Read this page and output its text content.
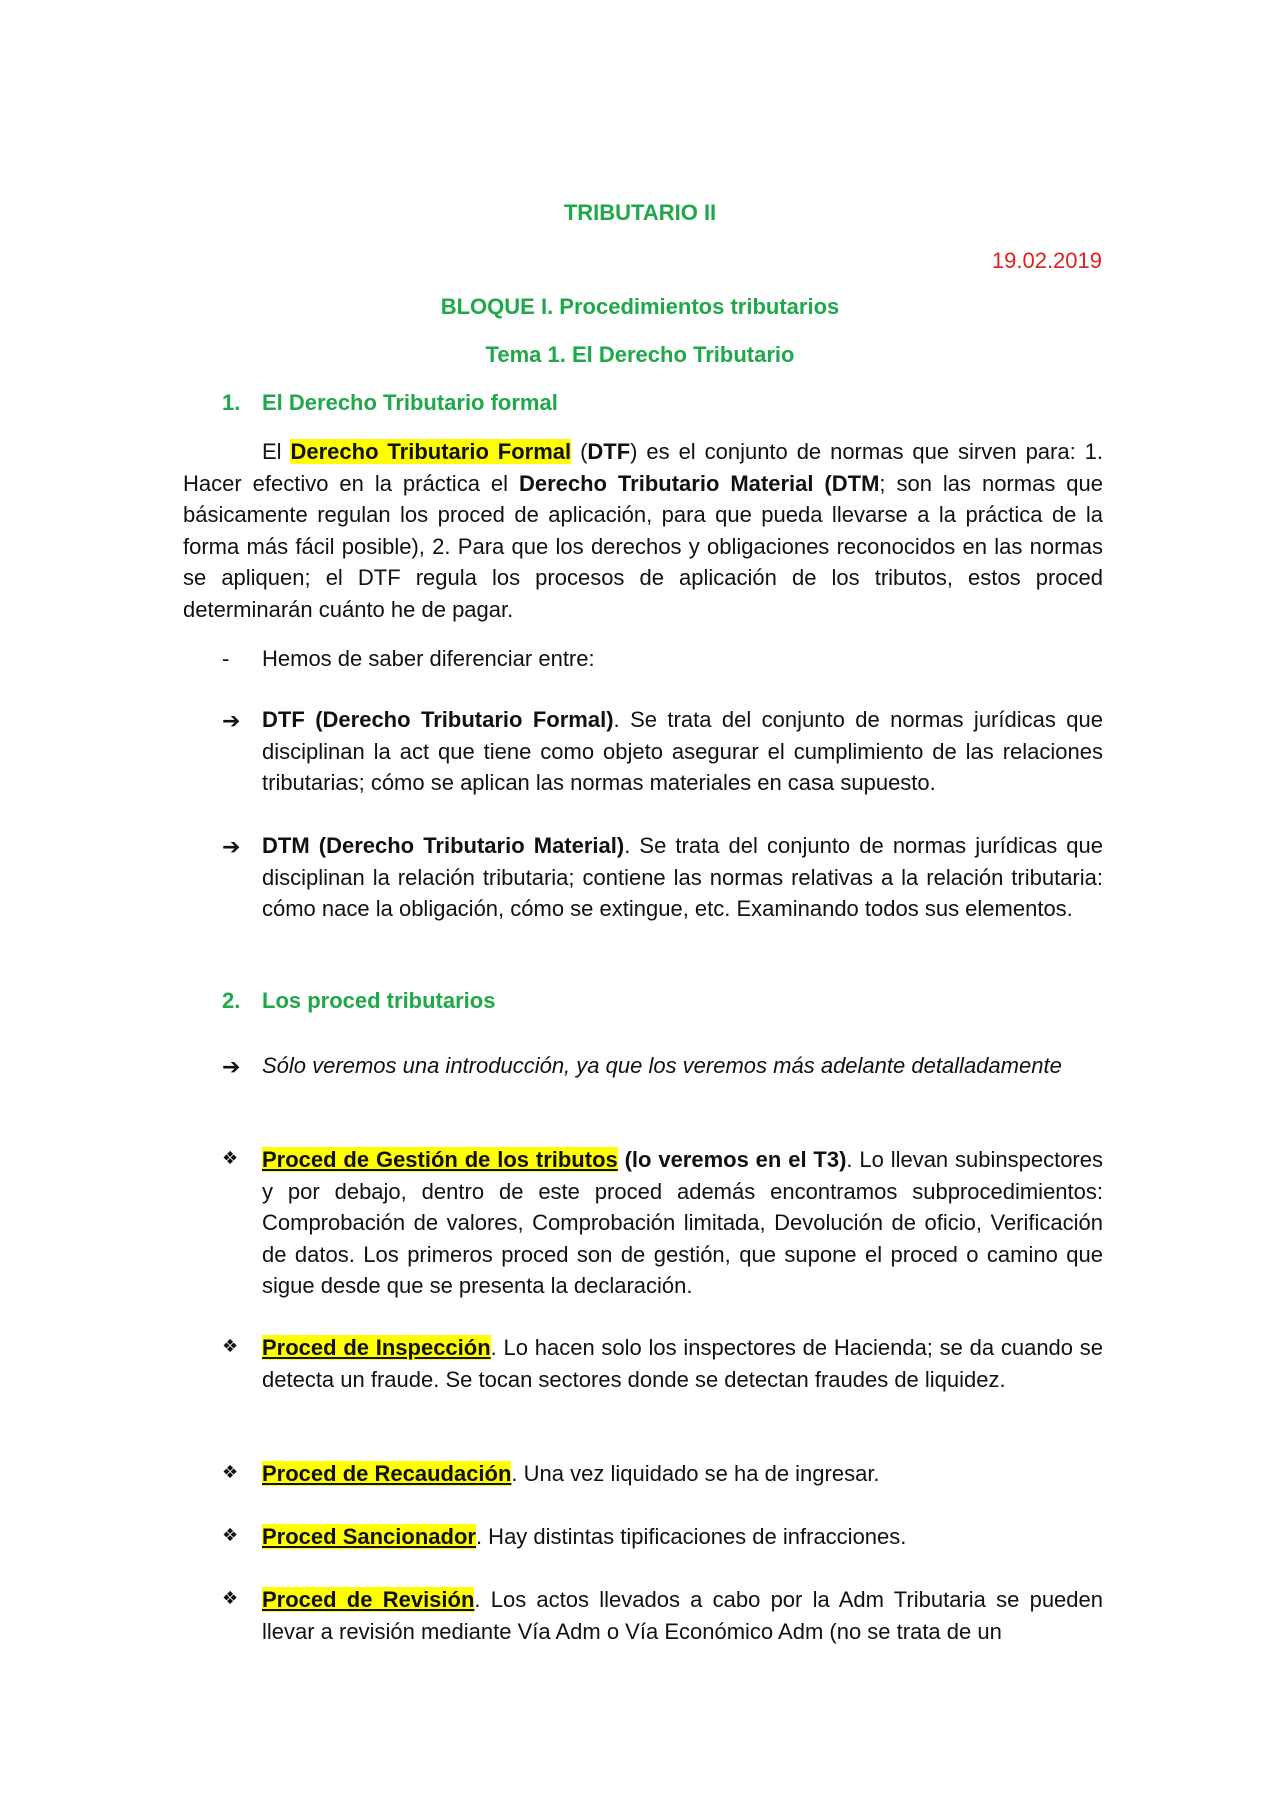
TRIBUTARIO II
19.02.2019
BLOQUE I. Procedimientos tributarios
Tema 1. El Derecho Tributario
1. El Derecho Tributario formal
El Derecho Tributario Formal (DTF) es el conjunto de normas que sirven para: 1. Hacer efectivo en la práctica el Derecho Tributario Material (DTM; son las normas que básicamente regulan los proced de aplicación, para que pueda llevarse a la práctica de la forma más fácil posible), 2. Para que los derechos y obligaciones reconocidos en las normas se apliquen; el DTF regula los procesos de aplicación de los tributos, estos proced determinarán cuánto he de pagar.
- Hemos de saber diferenciar entre:
➔ DTF (Derecho Tributario Formal). Se trata del conjunto de normas jurídicas que disciplinan la act que tiene como objeto asegurar el cumplimiento de las relaciones tributarias; cómo se aplican las normas materiales en casa supuesto.
➔ DTM (Derecho Tributario Material). Se trata del conjunto de normas jurídicas que disciplinan la relación tributaria; contiene las normas relativas a la relación tributaria: cómo nace la obligación, cómo se extingue, etc. Examinando todos sus elementos.
2. Los proced tributarios
➔ Sólo veremos una introducción, ya que los veremos más adelante detalladamente
❖ Proced de Gestión de los tributos (lo veremos en el T3). Lo llevan subinspectores y por debajo, dentro de este proced además encontramos subprocedimientos: Comprobación de valores, Comprobación limitada, Devolución de oficio, Verificación de datos. Los primeros proced son de gestión, que supone el proced o camino que sigue desde que se presenta la declaración.
❖ Proced de Inspección. Lo hacen solo los inspectores de Hacienda; se da cuando se detecta un fraude. Se tocan sectores donde se detectan fraudes de liquidez.
❖ Proced de Recaudación. Una vez liquidado se ha de ingresar.
❖ Proced Sancionador. Hay distintas tipificaciones de infracciones.
❖ Proced de Revisión. Los actos llevados a cabo por la Adm Tributaria se pueden llevar a revisión mediante Vía Adm o Vía Económico Adm (no se trata de un
